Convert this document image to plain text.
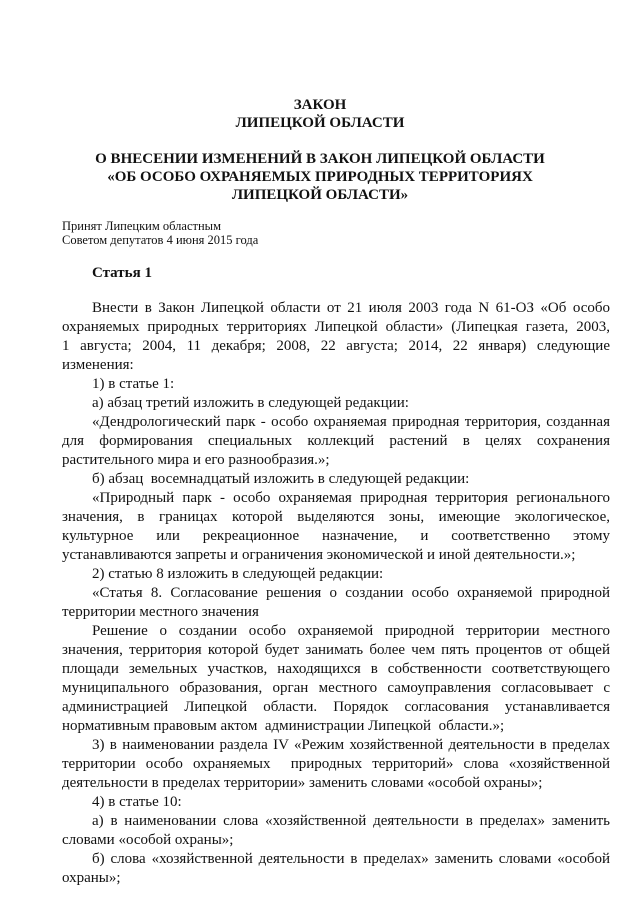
ЗАКОН
ЛИПЕЦКОЙ ОБЛАСТИ
О ВНЕСЕНИИ ИЗМЕНЕНИЙ В ЗАКОН ЛИПЕЦКОЙ ОБЛАСТИ
«ОБ ОСОБО ОХРАНЯЕМЫХ ПРИРОДНЫХ ТЕРРИТОРИЯХ
ЛИПЕЦКОЙ ОБЛАСТИ»
Принят Липецким областным
Советом депутатов 4 июня 2015 года
Статья 1
Внести в Закон Липецкой области от 21 июля 2003 года N 61-ОЗ «Об особо
охраняемых природных территориях Липецкой области» (Липецкая газета, 2003,
1 августа; 2004, 11 декабря; 2008, 22 августа; 2014, 22 января) следующие
изменения:
1) в статье 1:
а) абзац третий изложить в следующей редакции:
«Дендрологический парк - особо охраняемая природная территория, созданная
для формирования специальных коллекций растений в целях сохранения
растительного мира и его разнообразия.»;
б) абзац  восемнадцатый изложить в следующей редакции:
«Природный парк - особо охраняемая природная территория регионального
значения, в границах которой выделяются зоны, имеющие экологическое,
культурное или рекреационное назначение, и соответственно этому
устанавливаются запреты и ограничения экономической и иной деятельности.»;
2) статью 8 изложить в следующей редакции:
«Статья 8. Согласование решения о создании особо охраняемой природной
территории местного значения
Решение о создании особо охраняемой природной территории местного
значения, территория которой будет занимать более чем пять процентов от общей
площади земельных участков, находящихся в собственности соответствующего
муниципального образования, орган местного самоуправления согласовывает с
администрацией Липецкой области. Порядок согласования устанавливается
нормативным правовым актом  администрации Липецкой  области.»;
3) в наименовании раздела IV «Режим хозяйственной деятельности в пределах
территории особо охраняемых  природных территорий» слова «хозяйственной
деятельности в пределах территории» заменить словами «особой охраны»;
4) в статье 10:
а) в наименовании слова «хозяйственной деятельности в пределах» заменить
словами «особой охраны»;
б) слова «хозяйственной деятельности в пределах» заменить словами «особой
охраны»;
